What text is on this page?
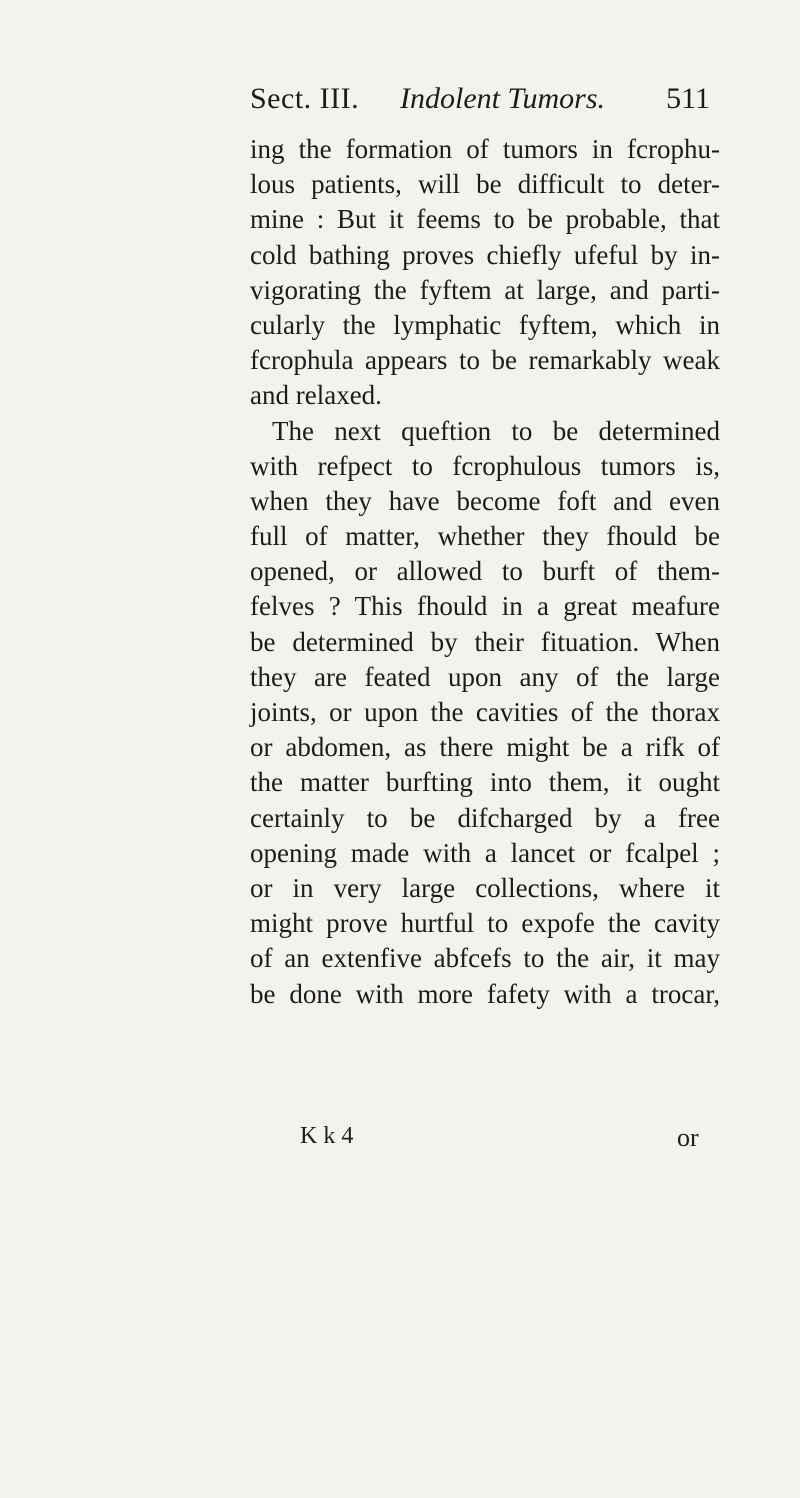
Sect. III. Indolent Tumors. 511
ing the formation of tumors in fcrophu-
lous patients, will be difficult to deter-
mine : But it feems to be probable, that
cold bathing proves chiefly ufeful by in-
vigorating the fyftem at large, and parti-
cularly the lymphatic fyftem, which in
fcrophula appears to be remarkably weak
and relaxed.
The next queftion to be determined
with refpect to fcrophulous tumors is,
when they have become foft and even
full of matter, whether they fhould be
opened, or allowed to burft of them-
felves ? This fhould in a great meafure
be determined by their fituation. When
they are feated upon any of the large
joints, or upon the cavities of the thorax
or abdomen, as there might be a rifk of
the matter burfting into them, it ought
certainly to be difcharged by a free
opening made with a lancet or fcalpel ;
or in very large collections, where it
might prove hurtful to expofe the cavity
of an extenfive abfcefs to the air, it may
be done with more fafety with a trocar,
K k 4	or
